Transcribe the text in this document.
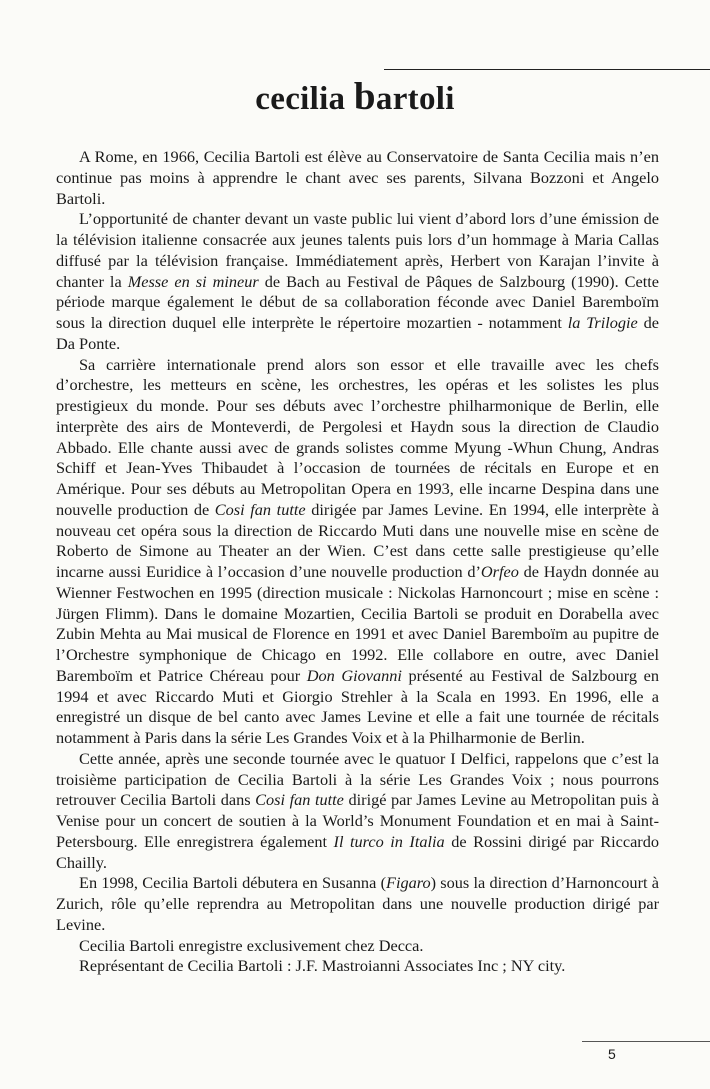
cecilia bartoli

A Rome, en 1966, Cecilia Bartoli est élève au Conservatoire de Santa Cecilia mais n’en continue pas moins à apprendre le chant avec ses parents, Silvana Bozzoni et Angelo Bartoli.

L’opportunité de chanter devant un vaste public lui vient d’abord lors d’une émission de la télévision italienne consacrée aux jeunes talents puis lors d’un hommage à Maria Callas diffusé par la télévision française. Immédiatement après, Herbert von Karajan l’invite à chanter la Messe en si mineur de Bach au Festival de Pâques de Salzbourg (1990). Cette période marque également le début de sa collaboration féconde avec Daniel Baremboïm sous la direction duquel elle interprète le répertoire mozartien - notamment la Trilogie de Da Ponte.

Sa carrière internationale prend alors son essor et elle travaille avec les chefs d’orchestre, les metteurs en scène, les orchestres, les opéras et les solistes les plus prestigieux du monde. Pour ses débuts avec l’orchestre philharmonique de Berlin, elle interprète des airs de Monteverdi, de Pergolesi et Haydn sous la direction de Claudio Abbado. Elle chante aussi avec de grands solistes comme Myung -Whun Chung, Andras Schiff et Jean-Yves Thibaudet à l’occasion de tournées de récitals en Europe et en Amérique. Pour ses débuts au Metropolitan Opera en 1993, elle incarne Despina dans une nouvelle production de Cosi fan tutte dirigée par James Levine. En 1994, elle interprète à nouveau cet opéra sous la direction de Riccardo Muti dans une nouvelle mise en scène de Roberto de Simone au Theater an der Wien. C’est dans cette salle prestigieuse qu’elle incarne aussi Euridice à l’occasion d’une nouvelle production d’Orfeo de Haydn donnée au Wienner Festwochen en 1995 (direction musicale : Nickolas Harnoncourt ; mise en scène : Jürgen Flimm). Dans le domaine Mozartien, Cecilia Bartoli se produit en Dorabella avec Zubin Mehta au Mai musical de Florence en 1991 et avec Daniel Baremboïm au pupitre de l’Orchestre symphonique de Chicago en 1992. Elle collabore en outre, avec Daniel Baremboïm et Patrice Chéreau pour Don Giovanni présenté au Festival de Salzbourg en 1994 et avec Riccardo Muti et Giorgio Strehler à la Scala en 1993. En 1996, elle a enregistré un disque de bel canto avec James Levine et elle a fait une tournée de récitals notamment à Paris dans la série Les Grandes Voix et à la Philharmonie de Berlin.

Cette année, après une seconde tournée avec le quatuor I Delfici, rappelons que c’est la troisième participation de Cecilia Bartoli à la série Les Grandes Voix ; nous pourrons retrouver Cecilia Bartoli dans Cosi fan tutte dirigé par James Levine au Metropolitan puis à Venise pour un concert de soutien à la World’s Monument Foundation et en mai à Saint-Petersbourg. Elle enregistrera également Il turco in Italia de Rossini dirigé par Riccardo Chailly.

En 1998, Cecilia Bartoli débutera en Susanna (Figaro) sous la direction d’Harnoncourt à Zurich, rôle qu’elle reprendra au Metropolitan dans une nouvelle production dirigé par Levine.

Cecilia Bartoli enregistre exclusivement chez Decca.

Représentant de Cecilia Bartoli : J.F. Mastroianni Associates Inc ; NY city.

5
